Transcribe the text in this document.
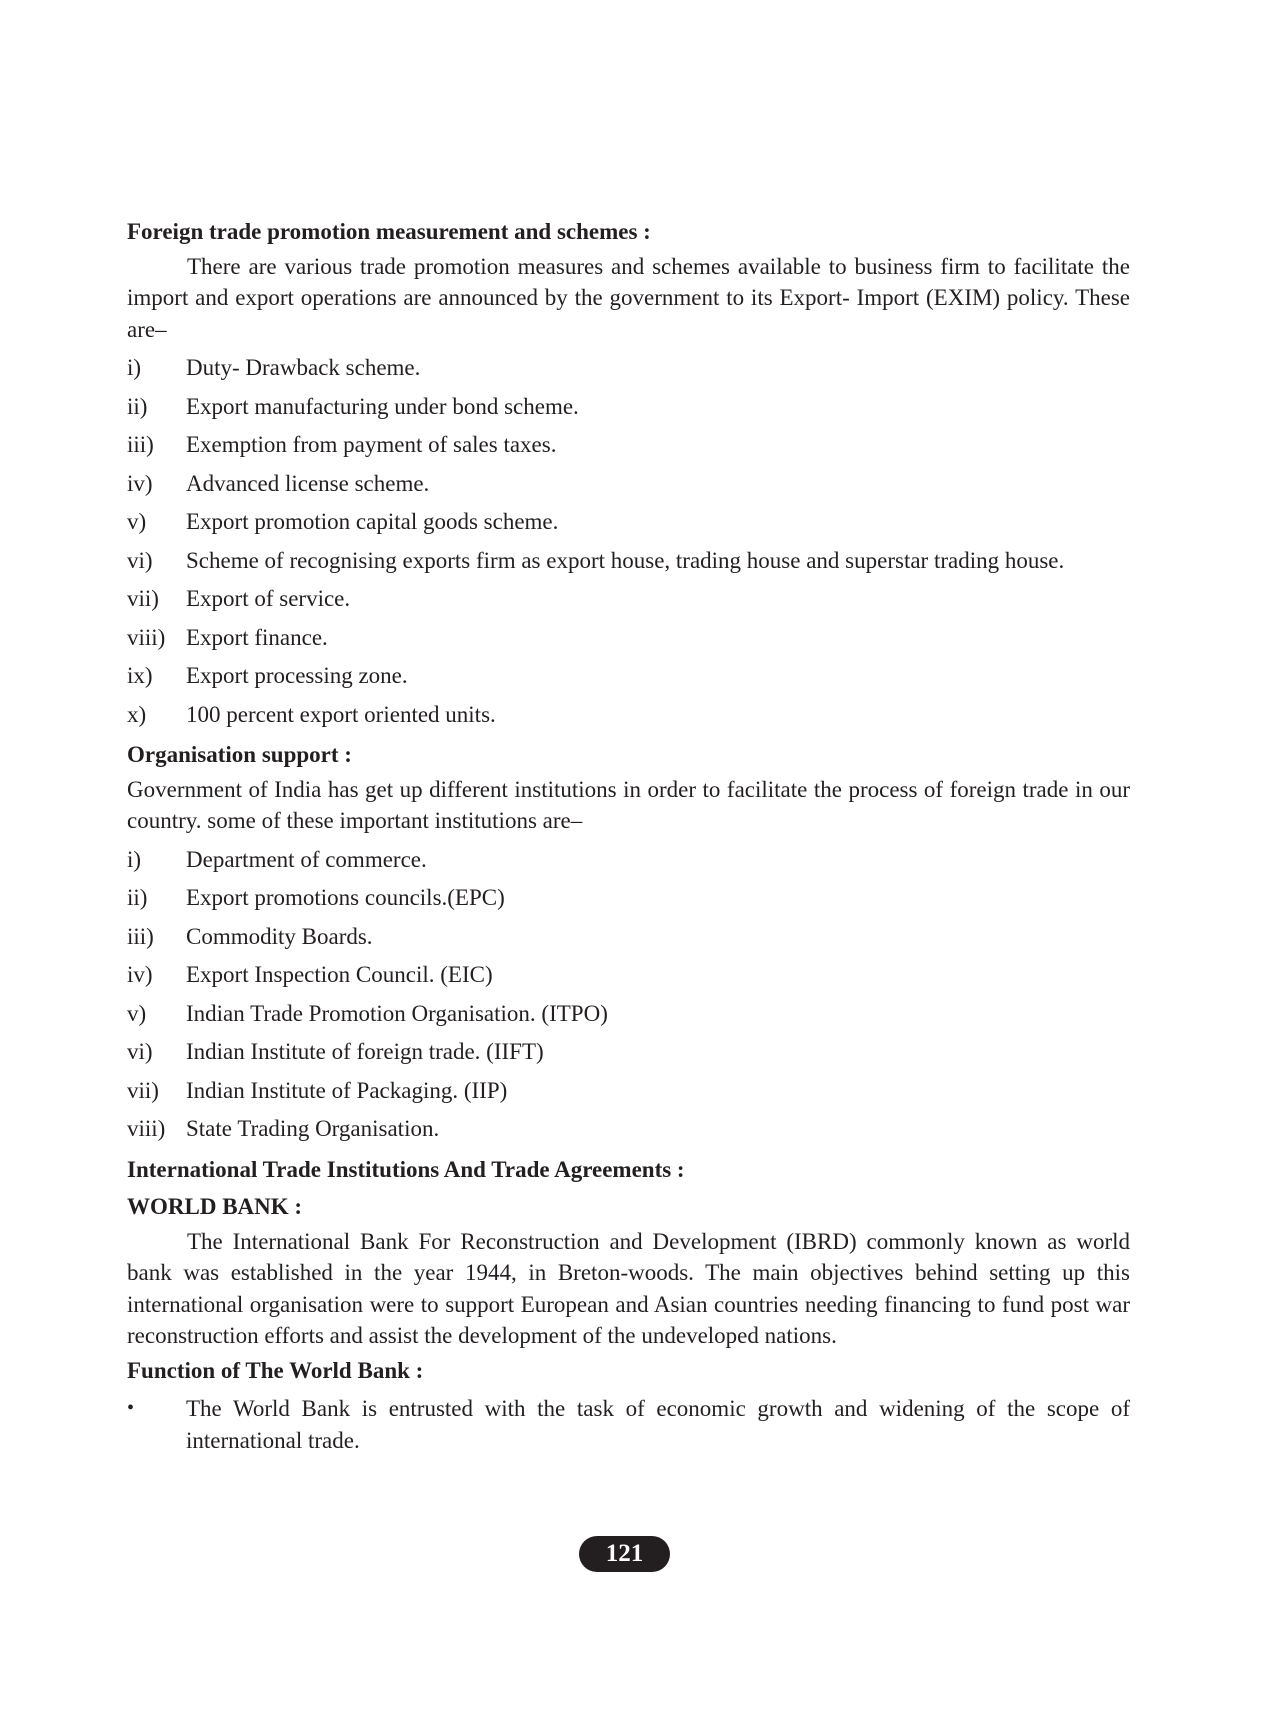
Foreign trade promotion measurement and schemes :

There are various trade promotion measures and schemes available to business firm to facilitate the import and export operations are announced by the government to its Export- Import (EXIM) policy. These are–

i)	Duty- Drawback scheme.
ii)	Export manufacturing under bond scheme.
iii)	Exemption from payment of sales taxes.
iv)	Advanced license scheme.
v)	Export promotion capital goods scheme.
vi)	Scheme of recognising exports firm as export house, trading house and superstar trading house.
vii)	Export of service.
viii) Export finance.
ix)	Export processing zone.
x)	100 percent export oriented units.

Organisation support :

Government of India has get up different institutions in order to facilitate the process of foreign trade in our country. some of these important institutions are–

i)	Department of commerce.
ii)	Export promotions councils.(EPC)
iii)	Commodity Boards.
iv)	Export Inspection Council. (EIC)
v)	Indian Trade Promotion Organisation. (ITPO)
vi)	Indian Institute of foreign trade. (IIFT)
vii)	Indian Institute of Packaging. (IIP)
viii) State Trading Organisation.

International Trade Institutions And Trade Agreements :

WORLD BANK :

The International Bank For Reconstruction and Development (IBRD) commonly known as world bank was established in the year 1944, in Breton-woods. The main objectives behind setting up this international organisation were to support European and Asian countries needing financing to fund post war reconstruction efforts and assist the development of the undeveloped nations.

Function of The World Bank :

•	The World Bank is entrusted with the task of economic growth and widening of the scope of international trade.
121
